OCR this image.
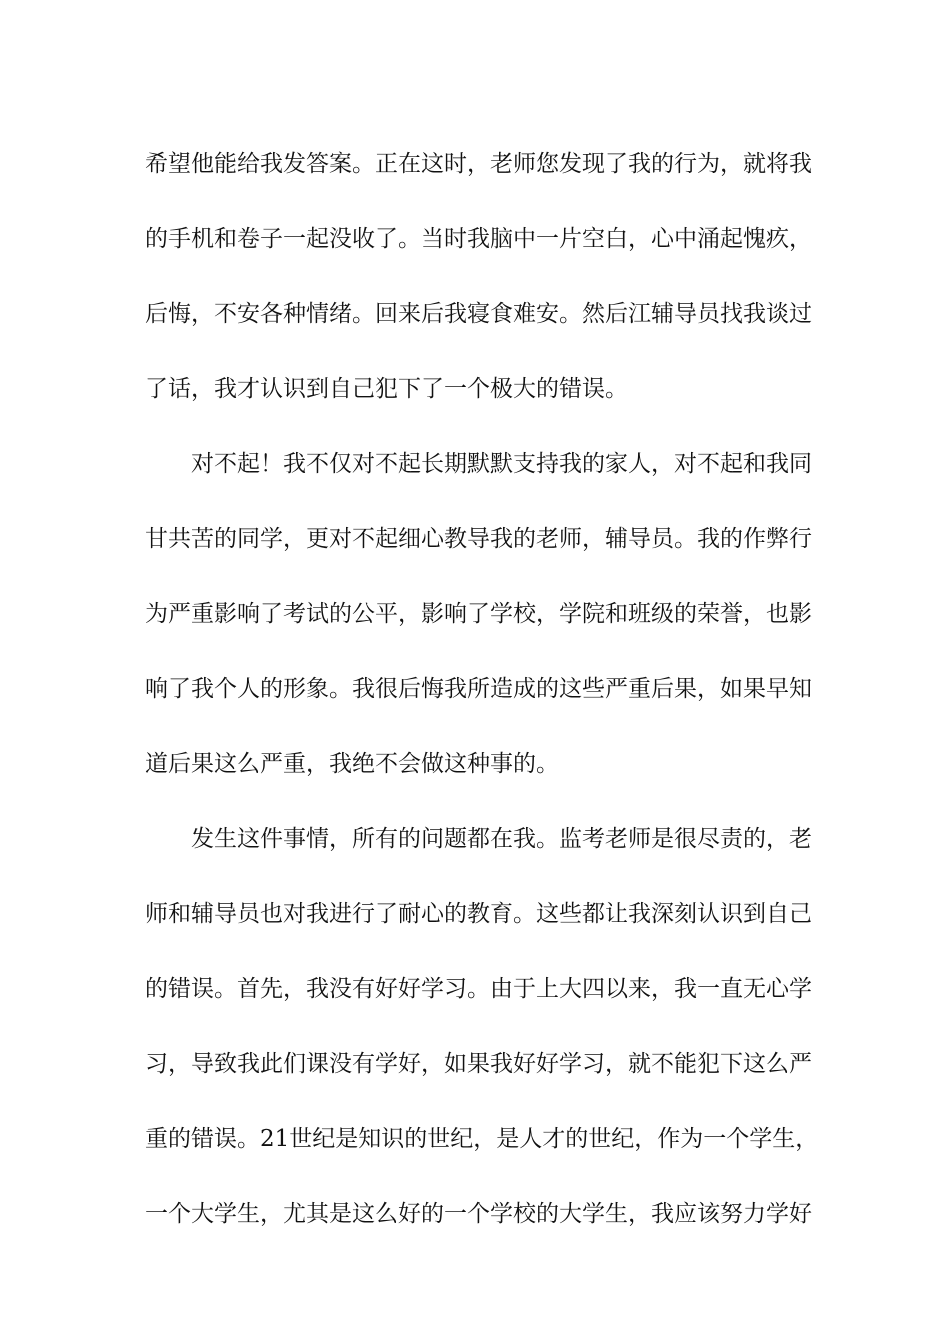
希望他能给我发答案。正在这时，老师您发现了我的行为，就将我
的手机和卷子一起没收了。当时我脑中一片空白，心中涌起愧疚，
后悔，不安各种情绪。回来后我寝食难安。然后江辅导员找我谈过
了话，我才认识到自己犯下了一个极大的错误。
对不起！我不仅对不起长期默默支持我的家人，对不起和我同
甘共苦的同学，更对不起细心教导我的老师，辅导员。我的作弊行
为严重影响了考试的公平，影响了学校，学院和班级的荣誉，也影
响了我个人的形象。我很后悔我所造成的这些严重后果，如果早知
道后果这么严重，我绝不会做这种事的。
发生这件事情，所有的问题都在我。监考老师是很尽责的，老
师和辅导员也对我进行了耐心的教育。这些都让我深刻认识到自己
的错误。首先，我没有好好学习。由于上大四以来，我一直无心学
习，导致我此们课没有学好，如果我好好学习，就不能犯下这么严
重的错误。21世纪是知识的世纪，是人才的世纪，作为一个学生，
一个大学生，尤其是这么好的一个学校的大学生，我应该努力学好
